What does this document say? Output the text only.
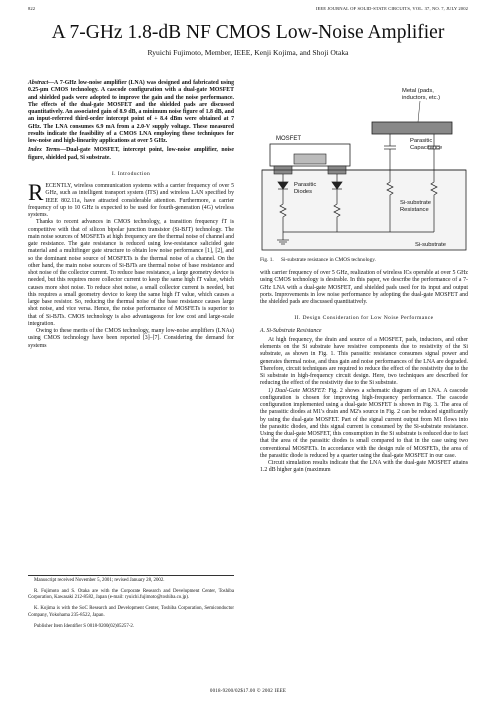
822	IEEE JOURNAL OF SOLID-STATE CIRCUITS, VOL. 37, NO. 7, JULY 2002
A 7-GHz 1.8-dB NF CMOS Low-Noise Amplifier
Ryuichi Fujimoto, Member, IEEE, Kenji Kojima, and Shoji Otaka

Abstract—A 7-GHz low-noise amplifier (LNA) was designed and fabricated using 0.25-μm CMOS technology. A cascode configuration with a dual-gate MOSFET and shielded pads were adopted to improve the gain and the noise performance. The effects of the dual-gate MOSFET and the shielded pads are discussed quantitatively. An associated gain of 8.9 dB, a minimum noise figure of 1.8 dB, and an input-referred third-order intercept point of + 8.4 dBm were obtained at 7 GHz. The LNA consumes 6.9 mA from a 2.0-V supply voltage. These measured results indicate the feasibility of a CMOS LNA employing these techniques for low-noise and high-linearity applications at over 5 GHz.

Index Terms—Dual-gate MOSFET, intercept point, low-noise amplifier, noise figure, shielded pad, Si substrate.

I. Introduction

RECENTLY, wireless communication systems with a carrier frequency of over 5 GHz, such as intelligent transport system (ITS) and wireless LAN specified by IEEE 802.11a, have attracted considerable attention. Furthermore, a carrier frequency of up to 10 GHz is expected to be used for fourth-generation (4G) wireless systems.

Thanks to recent advances in CMOS technology, a transition frequency fT is competitive with that of silicon bipolar junction transistor (Si-BJT) technology. The main noise sources of MOSFETs at high frequency are the thermal noise of channel and gate resistance. The gate resistance is reduced using low-resistance salicided gate material and a multifinger gate structure to obtain low noise performance [1], [2], and so the dominant noise source of MOSFETs is the thermal noise of a channel. On the other hand, the main noise sources of Si-BJTs are thermal noise of base resistance and shot noise of the collector current. To reduce base resistance, a large geometry device is needed, but this requires more collector current to keep the same high fT value, which causes more shot noise. To reduce shot noise, a small collector current is needed, but this requires a small geometry device to keep the same high fT value, which causes a large base resistor. So, reducing the thermal noise of the base resistance causes large shot noise, and vice versa. Hence, the noise performance of MOSFETs is superior to that of Si-BJTs. CMOS technology is also advantageous for low cost and large-scale integration.

Owing to these merits of the CMOS technology, many low-noise amplifiers (LNAs) using CMOS technology have been reported [3]–[7]. Considering the demand for systems

Manuscript received November 5, 2001; revised January 28, 2002.

R. Fujimoto and S. Otaka are with the Corporate Research and Development Center, Toshiba Corporation, Kawasaki 212-8582, Japan (e-mail: ryuichi.fujimoto@toshiba.co.jp).

K. Kojima is with the SoC Research and Development Center, Toshiba Corporation, Semiconductor Company, Yokohama 235-8522, Japan.

Publisher Item Identifier S 0018-9200(02)05257-2.

Metal (pads,
inductors, etc.)
MOSFET	Parasitic
Capacitance
Parasitic
Diodes
Si-substrate
Resistance
Si-substrate
Fig. 1. Si-substrate resistance in CMOS technology.

with carrier frequency of over 5 GHz, realization of wireless ICs operable at over 5 GHz using CMOS technology is desirable. In this paper, we describe the performance of a 7-GHz LNA with a dual-gate MOSFET, and shielded pads used for its input and output ports. Improvements in low noise performance by adopting the dual-gate MOSFET and the shielded pads are discussed quantitatively.

II. Design Consideration for Low Noise Performance
A. Si-Substrate Resistance

At high frequency, the drain and source of a MOSFET, pads, inductors, and other elements on the Si substrate have resistive components due to resistivity of the Si substrate, as shown in Fig. 1. This parasitic resistance consumes signal power and generates thermal noise, and thus gain and noise performances of the LNA are degraded. Therefore, circuit techniques are required to reduce the effect of the resistivity due to the Si substrate in high-frequency circuit design. Here, two techniques are described for reducing the effect of the resistivity due to the Si substrate.

1) Dual-Gate MOSFET: Fig. 2 shows a schematic diagram of an LNA. A cascode configuration is chosen for improving high-frequency performance. The cascode configuration implemented using a dual-gate MOSFET is shown in Fig. 3. The area of the parasitic diodes at M1's drain and M2's source in Fig. 2 can be reduced significantly by using the dual-gate MOSFET. Part of the signal current output from M1 flows into the parasitic diodes, and this signal current is consumed by the Si-substrate resistance. Using the dual-gate MOSFET, this consumption in the Si substrate is reduced due to fact that the area of the parasitic diodes is small compared to that in the case using two conventional MOSFETs. In accordance with the design rule of MOSFETs, the area of the parasitic diode is reduced by a quarter using the dual-gate MOSFET in our case.

Circuit simulation results indicate that the LNA with the dual-gate MOSFET attains 1.2 dB higher gain (maximum

0018-9200/02$17.00 © 2002 IEEE
